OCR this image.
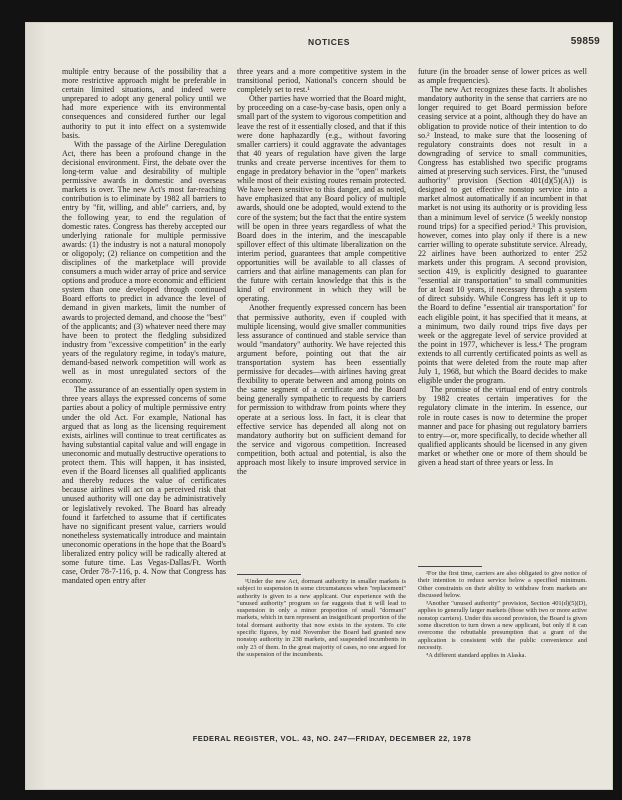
NOTICES	59859

multiple entry because of the possibility that a more restrictive approach might be preferable in certain limited situations, and indeed were unprepared to adopt any general policy until we had more experience with its environmental consequences and considered further our legal authority to put it into effect on a systemwide basis.

With the passage of the Airline Deregulation Act, there has been a profound change in the decisional environment. First, the debate over the long-term value and desirability of multiple permissive awards in domestic and overseas markets is over. The new Act's most far-reaching contribution is to eliminate by 1982 all barriers to entry by "fit, willing, and able" carriers, and, by the following year, to end the regulation of domestic rates. Congress has thereby accepted our underlying rationale for multiple permissive awards: (1) the industry is not a natural monopoly or oligopoly; (2) reliance on competition and the disciplines of the marketplace will provide consumers a much wider array of price and service options and produce a more economic and efficient system than one developed through continued Board efforts to predict in advance the level of demand in given markets, limit the number of awards to projected demand, and choose the "best" of the applicants; and (3) whatever need there may have been to protect the fledgling subsidized industry from "excessive competition" in the early years of the regulatory regime, in today's mature, demand-based network competition will work as well as in most unregulated sectors of the economy.

The assurance of an essentially open system in three years allays the expressed concerns of some parties about a policy of multiple permissive entry under the old Act. For example, National has argued that as long as the licensing requirement exists, airlines will continue to treat certificates as having substantial capital value and will engage in uneconomic and mutually destructive operations to protect them. This will happen, it has insisted, even if the Board licenses all qualified applicants and thereby reduces the value of certificates because airlines will act on a perceived risk that unused authority will one day be administratively or legislatively revoked. The Board has already found it farfetched to assume that if certificates have no significant present value, carriers would nonetheless systematically introduce and maintain uneconomic operations in the hope that the Board's liberalized entry policy will be radically altered at some future time. Las Vegas-Dallas/Ft. Worth case, Order 78-7-116, p. 4. Now that Congress has mandated open entry after

three years and a more competitive system in the transitional period, National's concern should be completely set to rest.¹

Other parties have worried that the Board might, by proceeding on a case-by-case basis, open only a small part of the system to vigorous competition and leave the rest of it essentially closed, and that if this were done haphazardly (e.g., without favoring smaller carriers) it could aggravate the advantages that 40 years of regulation have given the large trunks and create perverse incentives for them to engage in predatory behavior in the "open" markets while most of their existing routes remain protected. We have been sensitive to this danger, and as noted, have emphasized that any Board policy of multiple awards, should one be adopted, would extend to the core of the system; but the fact that the entire system will be open in three years regardless of what the Board does in the interim, and the inescapable spillover effect of this ultimate liberalization on the interim period, guarantees that ample competitive opportunities will be available to all classes of carriers and that airline managements can plan for the future with certain knowledge that this is the kind of environment in which they will be operating.

Another frequently expressed concern has been that permissive authority, even if coupled with multiple licensing, would give smaller communities less assurance of continued and stable service than would "mandatory" authority. We have rejected this argument before, pointing out that the air transportation system has been essentially permissive for decades—with airlines having great flexibility to operate between and among points on the same segment of a certificate and the Board being generally sympathetic to requests by carriers for permission to withdraw from points where they operate at a serious loss. In fact, it is clear that effective service has depended all along not on mandatory authority but on sufficient demand for the service and vigorous competition. Increased competition, both actual and potential, is also the approach most likely to insure improved service in the

¹Under the new Act, dormant authority in smaller markets is subject to suspension in some circumstances when "replacement" authority is given to a new applicant. Our experience with the "unused authority" program so far suggests that it will lead to suspension in only a minor proportion of small "dormant" markets, which in turn represent an insignificant proportion of the total dormant authority that now exists in the system. To cite specific figures, by mid November the Board had granted new nonstop authority in 238 markets, and suspended incumbents in only 23 of them. In the great majority of cases, no one argued for the suspension of the incumbents.

future (in the broader sense of lower prices as well as ample frequencies).

The new Act recognizes these facts. It abolishes mandatory authority in the sense that carriers are no longer required to get Board permission before ceasing service at a point, although they do have an obligation to provide notice of their intention to do so.² Instead, to make sure that the loosening of regulatory constraints does not result in a downgrading of service to small communities, Congress has established two specific programs aimed at preserving such services. First, the "unused authority" provision (Section 401(d)(5)(A)) is designed to get effective nonstop service into a market almost automatically if an incumbent in that market is not using its authority or is providing less than a minimum level of service (5 weekly nonstop round trips) for a specified period.³ This provision, however, comes into play only if there is a new carrier willing to operate substitute service. Already, 22 airlines have been authorized to enter 252 markets under this program. A second provision, section 419, is explicitly designed to guarantee "essential air transportation" to small communities for at least 10 years, if necessary through a system of direct subsidy. While Congress has left it up to the Board to define "essential air transportation" for each eligible point, it has specified that it means, at a minimum, two daily round trips five days per week or the aggregate level of service provided at the point in 1977, whichever is less.⁴ The program extends to all currently certificated points as well as points that were deleted from the route map after July 1, 1968, but which the Board decides to make eligible under the program.

The promise of the virtual end of entry controls by 1982 creates certain imperatives for the regulatory climate in the interim. In essence, our role in route cases is now to determine the proper manner and pace for phasing out regulatory barriers to entry—or, more specifically, to decide whether all qualified applicants should be licensed in any given market or whether one or more of them should be given a head start of three years or less. In

²For the first time, carriers are also obligated to give notice of their intention to reduce service below a specified minimum. Other constraints on their ability to withdraw from markets are discussed below.

³Another "unused authority" provision, Section 401(d)(5)(D), applies to generally larger markets (those with two or more active nonstop carriers). Under this second provision, the Board is given some discretion to turn down a new applicant, but only if it can overcome the rebuttable presumption that a grant of the application is consistent with the public convenience and necessity.

⁴A different standard applies in Alaska.

FEDERAL REGISTER, VOL. 43, NO. 247—FRIDAY, DECEMBER 22, 1978
